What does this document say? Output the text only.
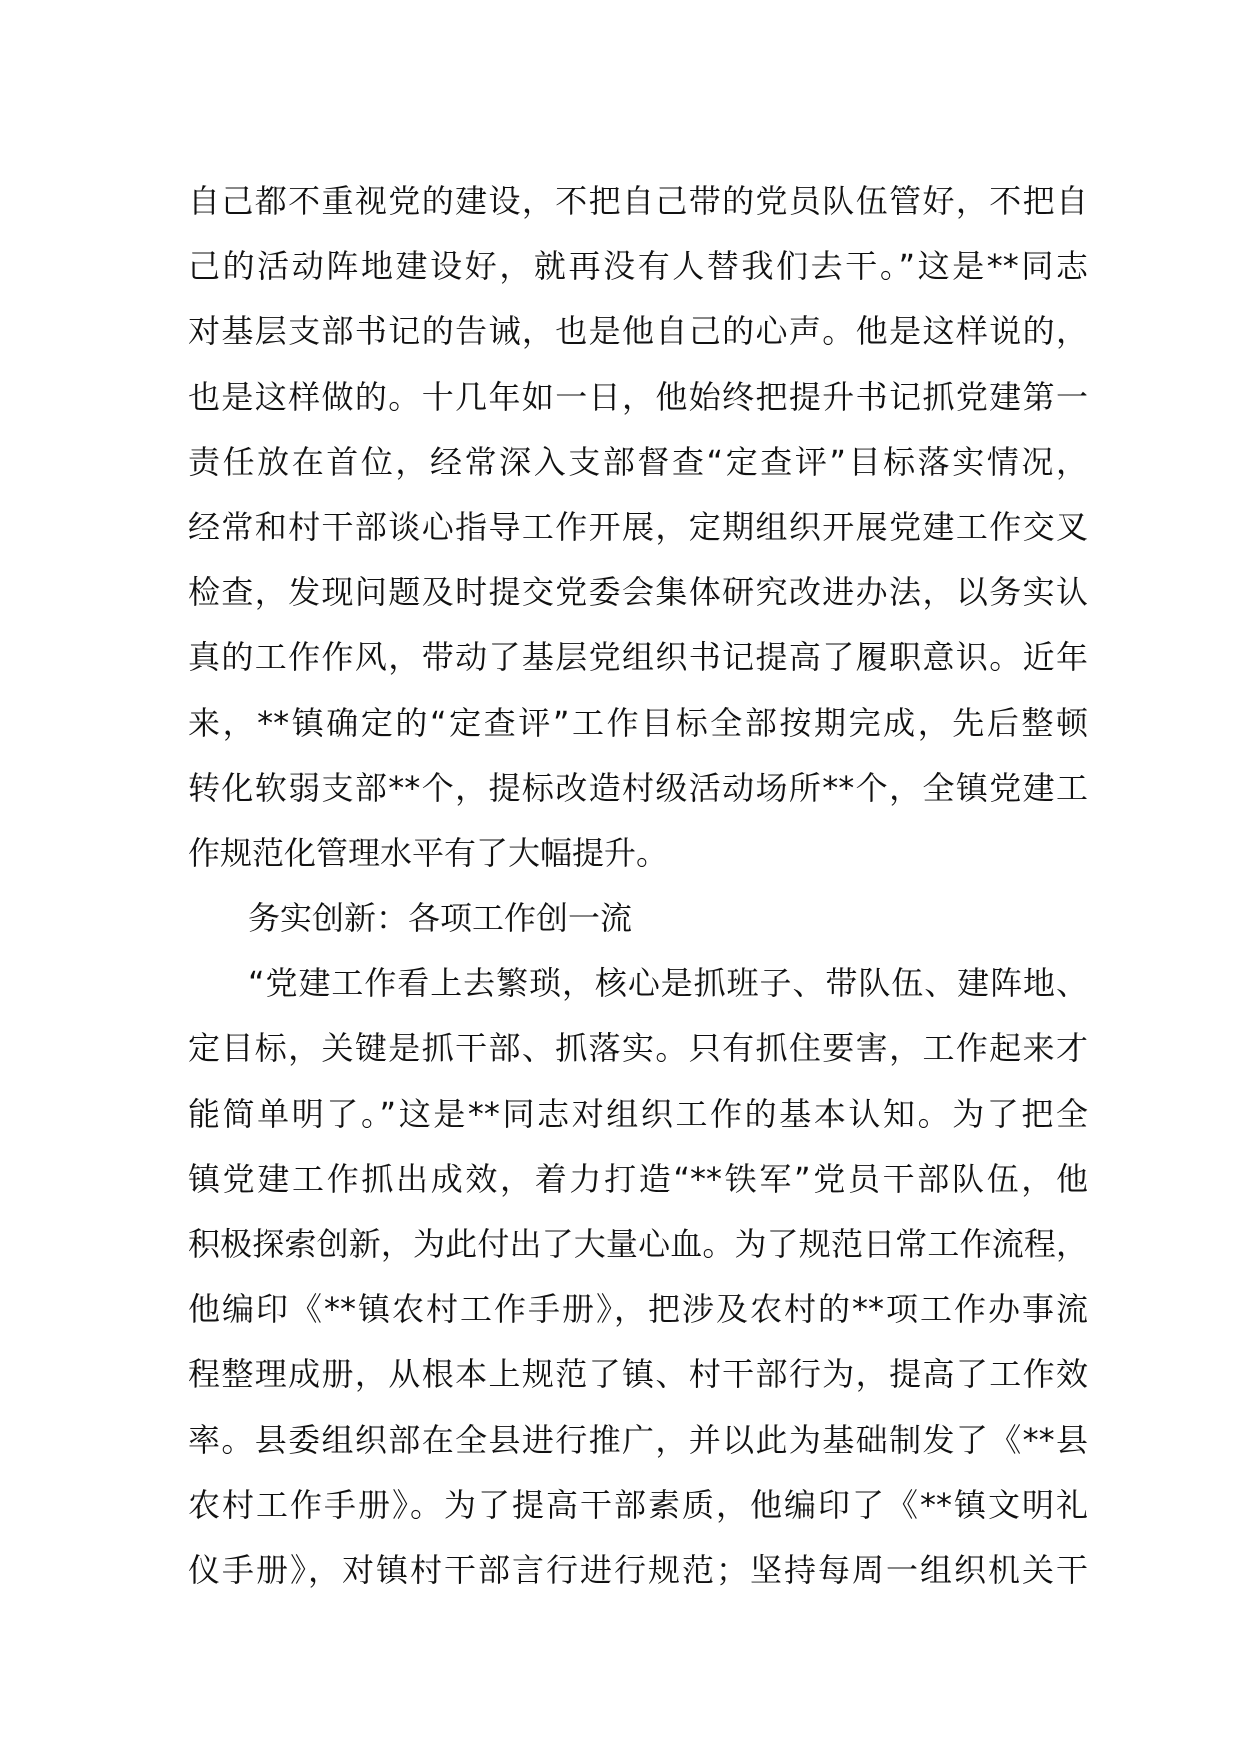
自己都不重视党的建设，不把自己带的党员队伍管好，不把自
己的活动阵地建设好，就再没有人替我们去干。”这是**同志
对基层支部书记的告诫，也是他自己的心声。他是这样说的，
也是这样做的。十几年如一日，他始终把提升书记抓党建第一
责任放在首位，经常深入支部督查“定查评”目标落实情况，
经常和村干部谈心指导工作开展，定期组织开展党建工作交叉
检查，发现问题及时提交党委会集体研究改进办法，以务实认
真的工作作风，带动了基层党组织书记提高了履职意识。近年
来，**镇确定的“定查评”工作目标全部按期完成，先后整顿
转化软弱支部**个，提标改造村级活动场所**个，全镇党建工
作规范化管理水平有了大幅提升。
务实创新：各项工作创一流
“党建工作看上去繁琐，核心是抓班子、带队伍、建阵地、
定目标，关键是抓干部、抓落实。只有抓住要害，工作起来才
能简单明了。”这是**同志对组织工作的基本认知。为了把全
镇党建工作抓出成效，着力打造“**铁军”党员干部队伍，他
积极探索创新，为此付出了大量心血。为了规范日常工作流程，
他编印《**镇农村工作手册》，把涉及农村的**项工作办事流
程整理成册，从根本上规范了镇、村干部行为，提高了工作效
率。县委组织部在全县进行推广，并以此为基础制发了《**县
农村工作手册》。为了提高干部素质，他编印了《**镇文明礼
仪手册》，对镇村干部言行进行规范；坚持每周一组织机关干
